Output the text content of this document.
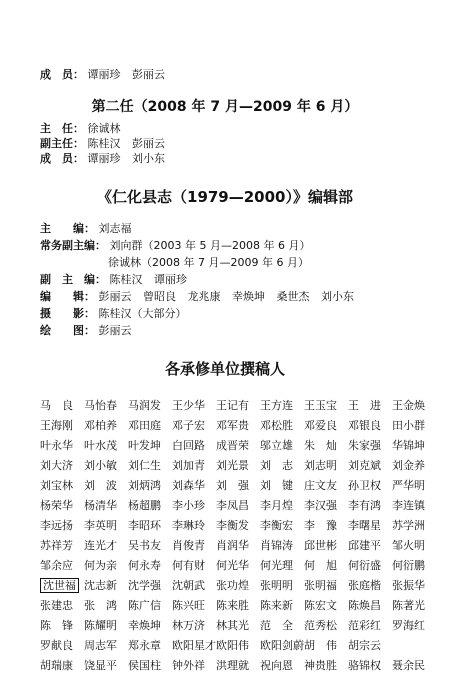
成　员： 谭丽珍 彭丽云
第二任（2008 年 7 月—2009 年 6 月）
主　任： 徐诚林
副主任： 陈桂汉 彭丽云
成　员： 谭丽珍 刘小东
《仁化县志（1979—2000）》编辑部
主　　编： 刘志福
常务副主编： 刘向群（2003 年 5 月—2008 年 6 月）
徐诚林（2008 年 7 月—2009 年 6 月）
副　主　编： 陈桂汉 谭丽珍
编　　辑： 彭丽云 曾昭良 龙兆康 幸焕坤 桑世杰 刘小东
摄　　影： 陈桂汉（大部分）
绘　　图： 彭丽云
各承修单位撰稿人
马　良 马怡春 马润发 王少华 王记有 王方连 王玉宝 王　进 王金焕
王海刚 邓柏养 邓田庭 邓子宏 邓军贵 邓松胜 邓爱良 邓银良 田小群
叶永华 叶水茂 叶发坤 白回路 成晋荣 邬立雄 朱　灿 朱家强 华锦坤
刘大济 刘小敏 刘仁生 刘加青 刘光景 刘　志 刘志明 刘克斌 刘金养
刘宝林 刘　波 刘炳鸿 刘森华 刘　强 刘　键 庄文友 孙卫权 严华明
杨荣华 杨清华 杨超鹏 李小珍 李凤昌 李月煌 李汉强 李有鸿 李连镇
李远扬 李英明 李昭环 李琳玲 李衡发 李衡宏 李　豫 李曙星 苏学洲
苏祥芳 连光才 吴书友 肖俊青 肖润华 肖锦涛 邱世彬 邱建平 邹火明
邹余应 何为亲 何永寿 何有财 何光华 何光理 何　旭 何衍盛 何衍鹏
沈世福 沈志新 沈学强 沈朝武 张功煌 张明明 张明福 张庭楷 张振华
张建忠 张　鸿 陈广信 陈兴旺 陈来胜 陈来新 陈宏文 陈焕昌 陈著光
陈　锋 陈耀明 幸焕坤 林万济 林其光 范　全 范秀松 范彩红 罗海红
罗献良 周志军 郑永章 欧阳星才欧阳伟 欧阳剑蔚胡　伟 胡宗云
胡瑞康 饶显平 侯国柱 钟外祥 洪理就 祝向恩 神贵胜 骆锦权 聂余民
